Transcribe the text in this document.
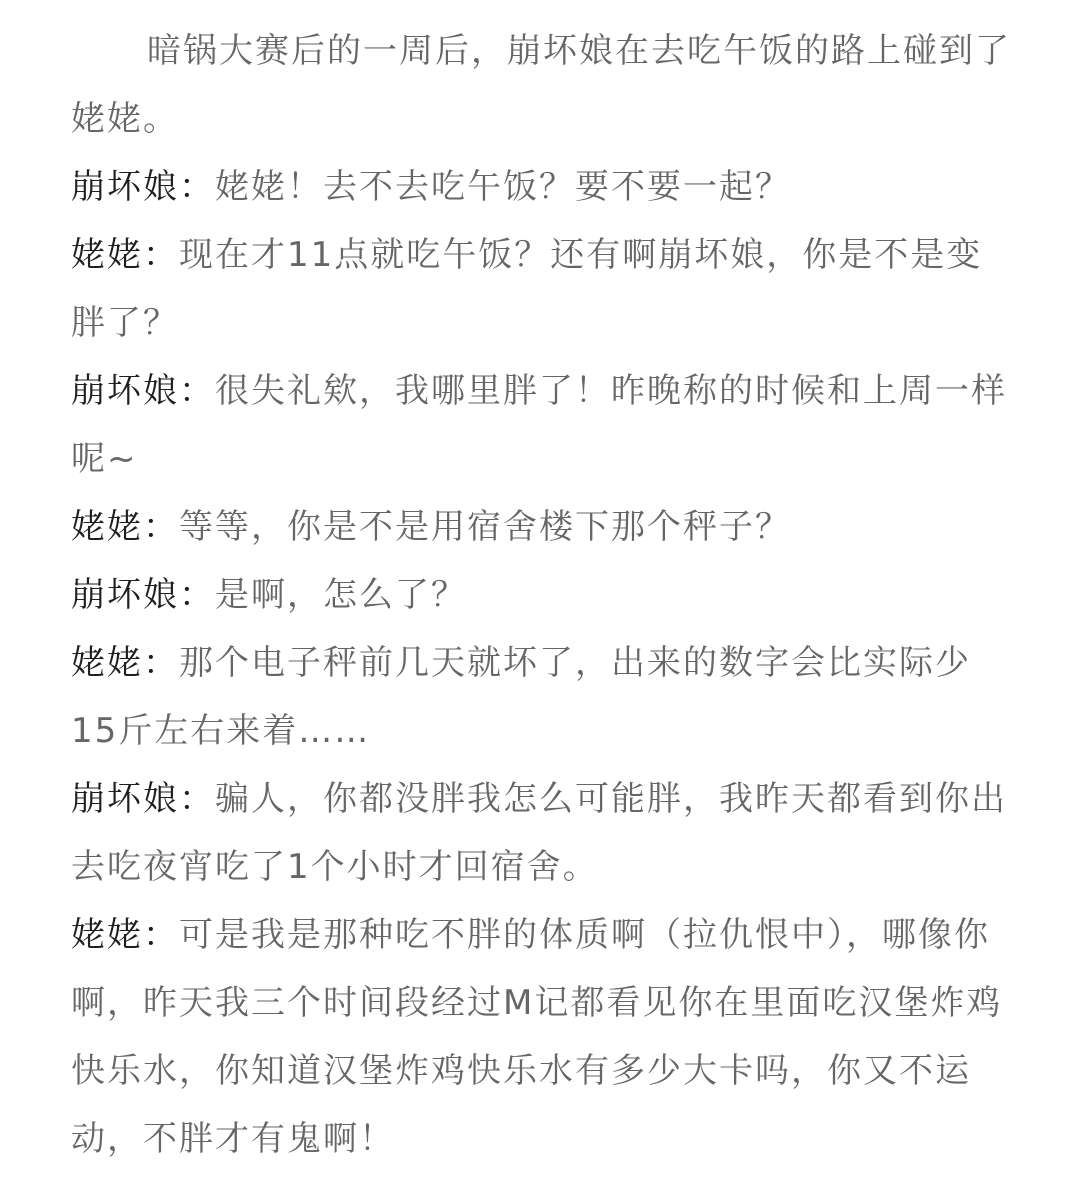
暗锅大赛后的一周后，崩坏娘在去吃午饭的路上碰到了姥姥。

崩坏娘：姥姥！去不去吃午饭？要不要一起？

姥姥：现在才11点就吃午饭？还有啊崩坏娘，你是不是变胖了？

崩坏娘：很失礼欸，我哪里胖了！昨晚称的时候和上周一样呢~

姥姥：等等，你是不是用宿舍楼下那个秤子？

崩坏娘：是啊，怎么了？

姥姥：那个电子秤前几天就坏了，出来的数字会比实际少15斤左右来着……

崩坏娘：骗人，你都没胖我怎么可能胖，我昨天都看到你出去吃夜宵吃了1个小时才回宿舍。

姥姥：可是我是那种吃不胖的体质啊（拉仇恨中），哪像你啊，昨天我三个时间段经过M记都看见你在里面吃汉堡炸鸡快乐水，你知道汉堡炸鸡快乐水有多少大卡吗，你又不运动，不胖才有鬼啊！
